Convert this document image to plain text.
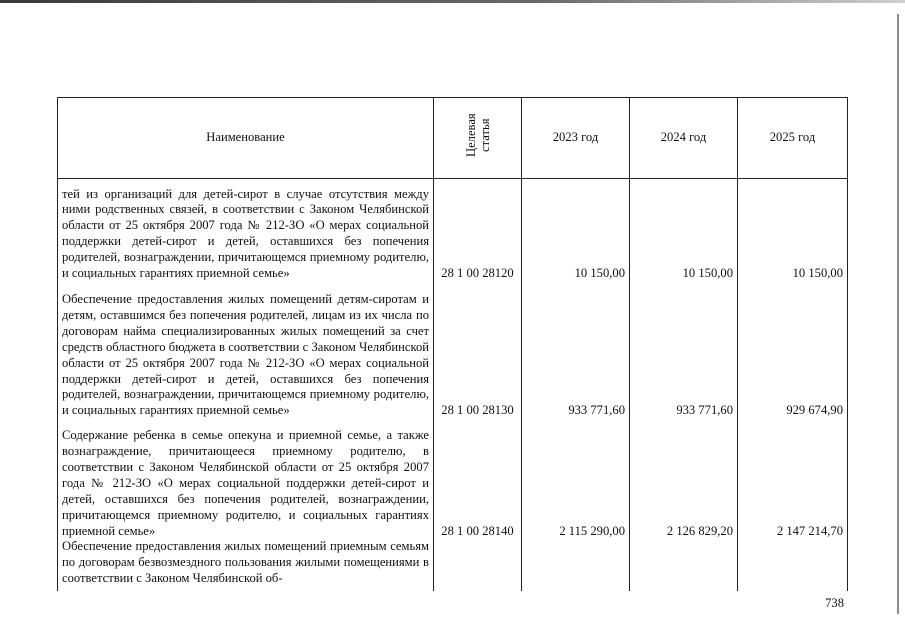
Наименование	Целевая статья	2023 год	2024 год	2025 год
тей из организаций для детей-сирот в случае отсутствия между ними родственных связей, в соответствии с Законом Челябинской области от 25 октября 2007 года № 212-ЗО «О мерах социальной поддержки детей-сирот и детей, оставшихся без попечения родителей, вознаграждении, причитающемся приемному родителю, и социальных гарантиях приемной семье»	28 1 00 28120	10 150,00	10 150,00	10 150,00
Обеспечение предоставления жилых помещений детям-сиротам и детям, оставшимся без попечения родителей, лицам из их числа по договорам найма специализированных жилых помещений за счет средств областного бюджета в соответствии с Законом Челябинской области от 25 октября 2007 года № 212-ЗО «О мерах социальной поддержки детей-сирот и детей, оставшихся без попечения родителей, вознаграждении, причитающемся приемному родителю, и социальных гарантиях приемной семье»	28 1 00 28130	933 771,60	933 771,60	929 674,90
Содержание ребенка в семье опекуна и приемной семье, а также вознаграждение, причитающееся приемному родителю, в соответствии с Законом Челябинской области от 25 октября 2007 года № 212-ЗО «О мерах социальной поддержки детей-сирот и детей, оставшихся без попечения родителей, вознаграждении, причитающемся приемному родителю, и социальных гарантиях приемной семье»	28 1 00 28140	2 115 290,00	2 126 829,20	2 147 214,70
Обеспечение предоставления жилых помещений приемным семьям по договорам безвозмездного пользования жилыми помещениями в соответствии с Законом Челябинской об-				
738
